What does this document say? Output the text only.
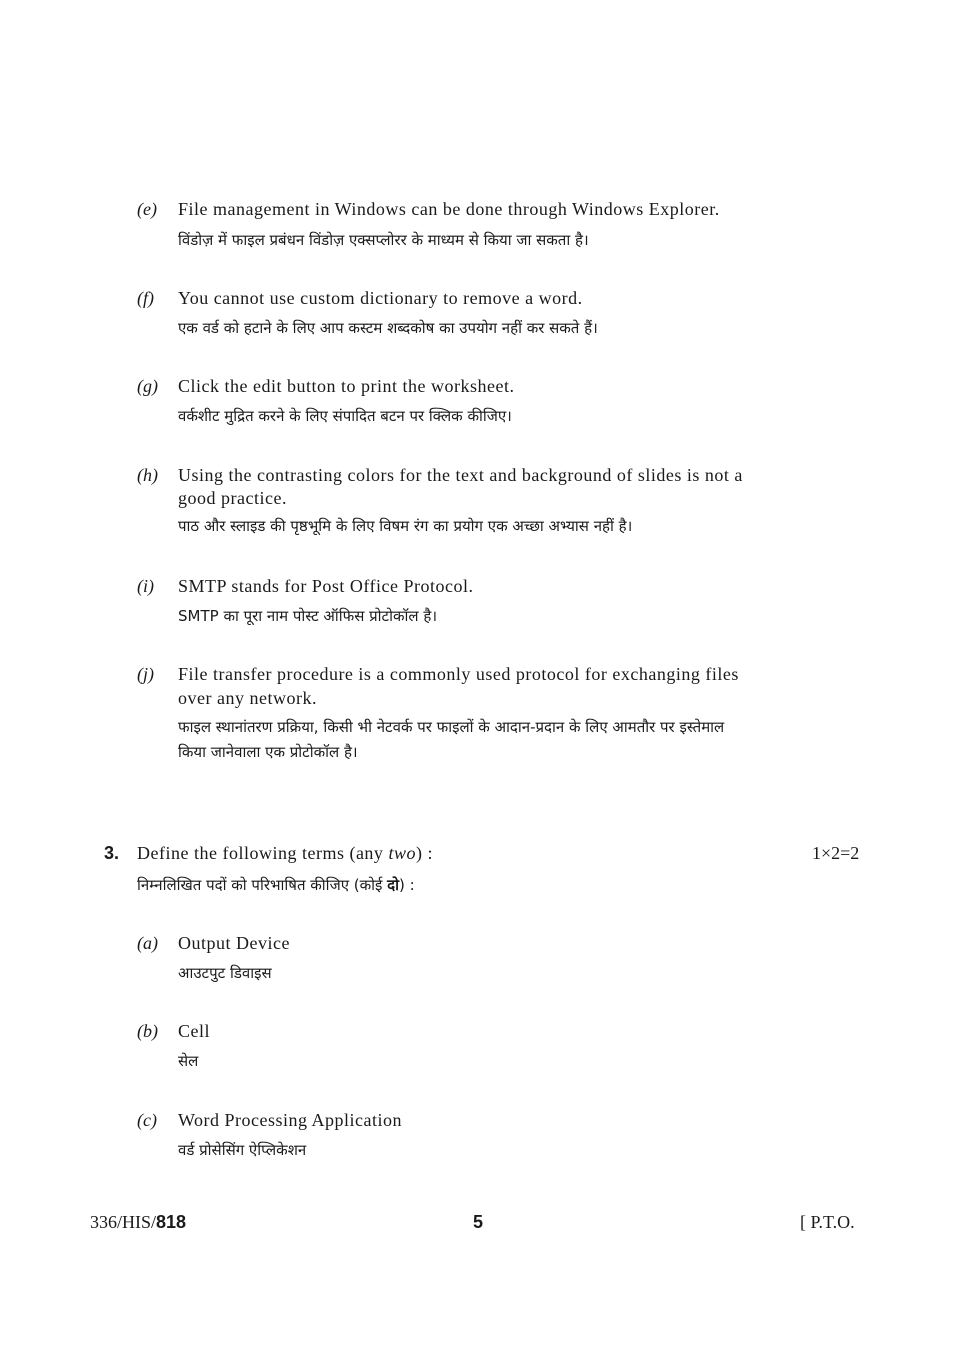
(e) File management in Windows can be done through Windows Explorer.
विंडोज़ में फाइल प्रबंधन विंडोज़ एक्सप्लोरर के माध्यम से किया जा सकता है।
(f) You cannot use custom dictionary to remove a word.
एक वर्ड को हटाने के लिए आप कस्टम शब्दकोष का उपयोग नहीं कर सकते हैं।
(g) Click the edit button to print the worksheet.
वर्कशीट मुद्रित करने के लिए संपादित बटन पर क्लिक कीजिए।
(h) Using the contrasting colors for the text and background of slides is not a
good practice.
पाठ और स्लाइड की पृष्ठभूमि के लिए विषम रंग का प्रयोग एक अच्छा अभ्यास नहीं है।
(i) SMTP stands for Post Office Protocol.
SMTP का पूरा नाम पोस्ट ऑफिस प्रोटोकॉल है।
(j) File transfer procedure is a commonly used protocol for exchanging files
over any network.
फाइल स्थानांतरण प्रक्रिया, किसी भी नेटवर्क पर फाइलों के आदान-प्रदान के लिए आमतौर पर इस्तेमाल
किया जानेवाला एक प्रोटोकॉल है।
3. Define the following terms (any two) :
निम्नलिखित पदों को परिभाषित कीजिए (कोई दो) :
1×2=2
(a) Output Device
आउटपुट डिवाइस
(b) Cell
सेल
(c) Word Processing Application
वर्ड प्रोसेसिंग ऐप्लिकेशन
336/HIS/818	5	[ P.T.O.
